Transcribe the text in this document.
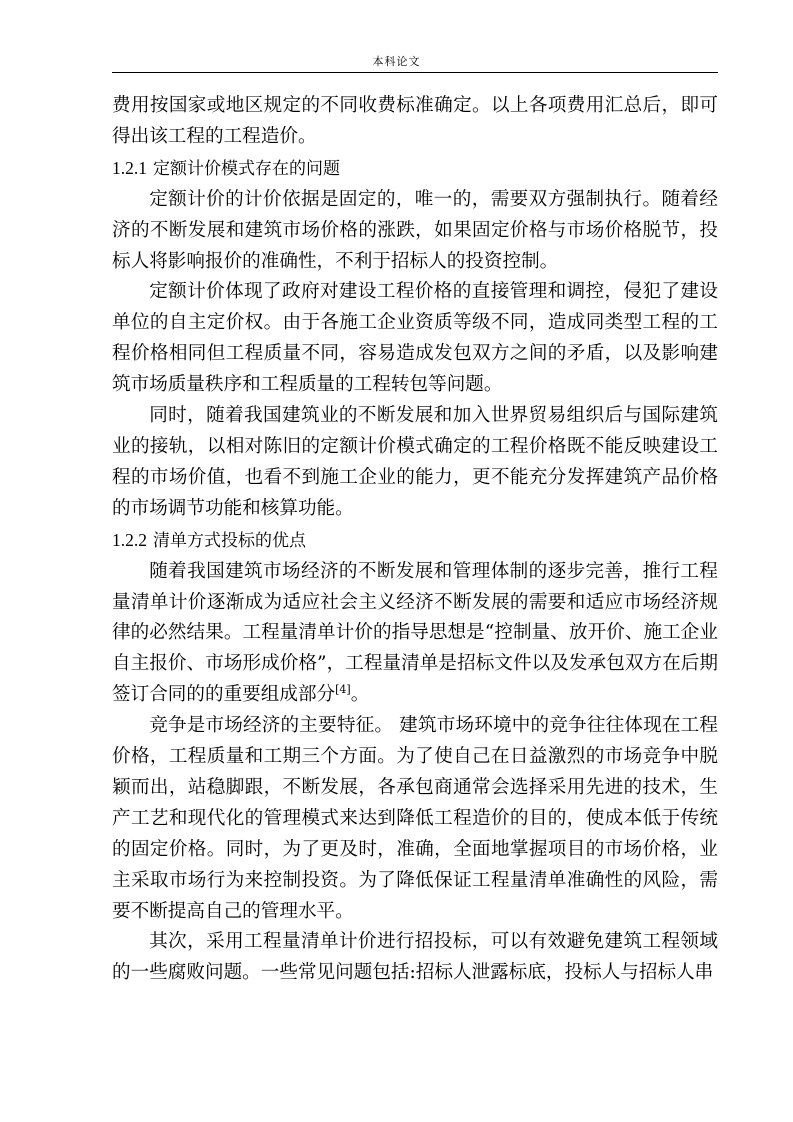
本科论文

费用按国家或地区规定的不同收费标准确定。以上各项费用汇总后，即可得出该工程的工程造价。

1.2.1 定额计价模式存在的问题

定额计价的计价依据是固定的，唯一的，需要双方强制执行。随着经济的不断发展和建筑市场价格的涨跌，如果固定价格与市场价格脱节，投标人将影响报价的准确性，不利于招标人的投资控制。

定额计价体现了政府对建设工程价格的直接管理和调控，侵犯了建设单位的自主定价权。由于各施工企业资质等级不同，造成同类型工程的工程价格相同但工程质量不同，容易造成发包双方之间的矛盾，以及影响建筑市场质量秩序和工程质量的工程转包等问题。

同时，随着我国建筑业的不断发展和加入世界贸易组织后与国际建筑业的接轨，以相对陈旧的定额计价模式确定的工程价格既不能反映建设工程的市场价值，也看不到施工企业的能力，更不能充分发挥建筑产品价格的市场调节功能和核算功能。

1.2.2 清单方式投标的优点

随着我国建筑市场经济的不断发展和管理体制的逐步完善，推行工程量清单计价逐渐成为适应社会主义经济不断发展的需要和适应市场经济规律的必然结果。工程量清单计价的指导思想是“控制量、放开价、施工企业自主报价、市场形成价格”，工程量清单是招标文件以及发承包双方在后期签订合同的的重要组成部分[4]。

竞争是市场经济的主要特征。 建筑市场环境中的竞争往往体现在工程价格，工程质量和工期三个方面。为了使自己在日益激烈的市场竞争中脱颖而出，站稳脚跟，不断发展，各承包商通常会选择采用先进的技术，生产工艺和现代化的管理模式来达到降低工程造价的目的，使成本低于传统的固定价格。同时，为了更及时，准确，全面地掌握项目的市场价格，业主采取市场行为来控制投资。为了降低保证工程量清单准确性的风险，需要不断提高自己的管理水平。

其次，采用工程量清单计价进行招投标，可以有效避免建筑工程领域的一些腐败问题。一些常见问题包括:招标人泄露标底，投标人与招标人串
